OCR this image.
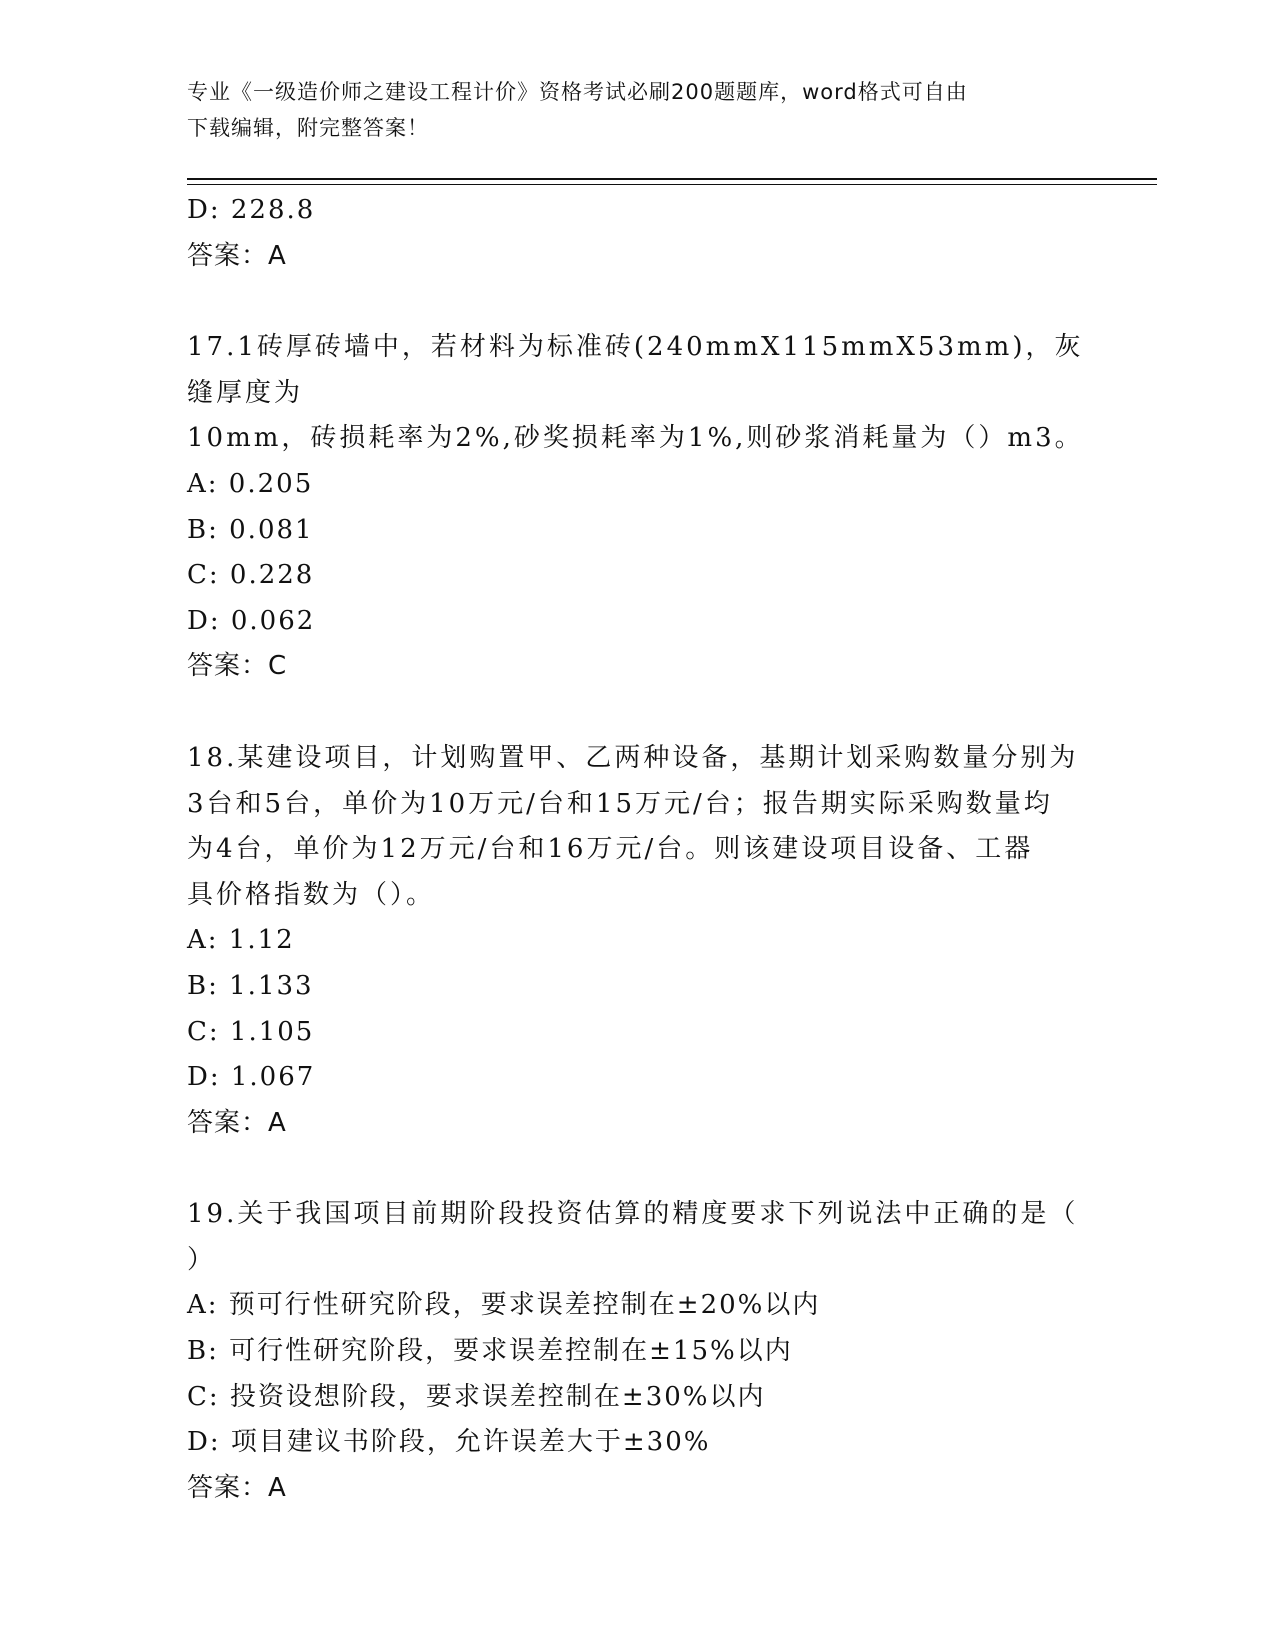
专业《一级造价师之建设工程计价》资格考试必刷200题题库，word格式可自由
下载编辑，附完整答案！
D: 228.8
答案：A
17.1砖厚砖墙中，若材料为标准砖(240mmX115mmX53mm)，灰缝厚度为
10mm，砖损耗率为2%,砂奖损耗率为1%,则砂浆消耗量为（）m3。
A: 0.205
B: 0.081
C: 0.228
D: 0.062
答案：C
18.某建设项目，计划购置甲、乙两种设备，基期计划采购数量分别为
3台和5台，单价为10万元/台和15万元/台；报告期实际采购数量均
为4台，单价为12万元/台和16万元/台。则该建设项目设备、工器
具价格指数为（）。
A: 1.12
B: 1.133
C: 1.105
D: 1.067
答案：A
19.关于我国项目前期阶段投资估算的精度要求下列说法中正确的是（
）
A: 预可行性研究阶段，要求误差控制在±20%以内
B: 可行性研究阶段，要求误差控制在±15%以内
C: 投资设想阶段，要求误差控制在±30%以内
D: 项目建议书阶段，允许误差大于±30%
答案：A
